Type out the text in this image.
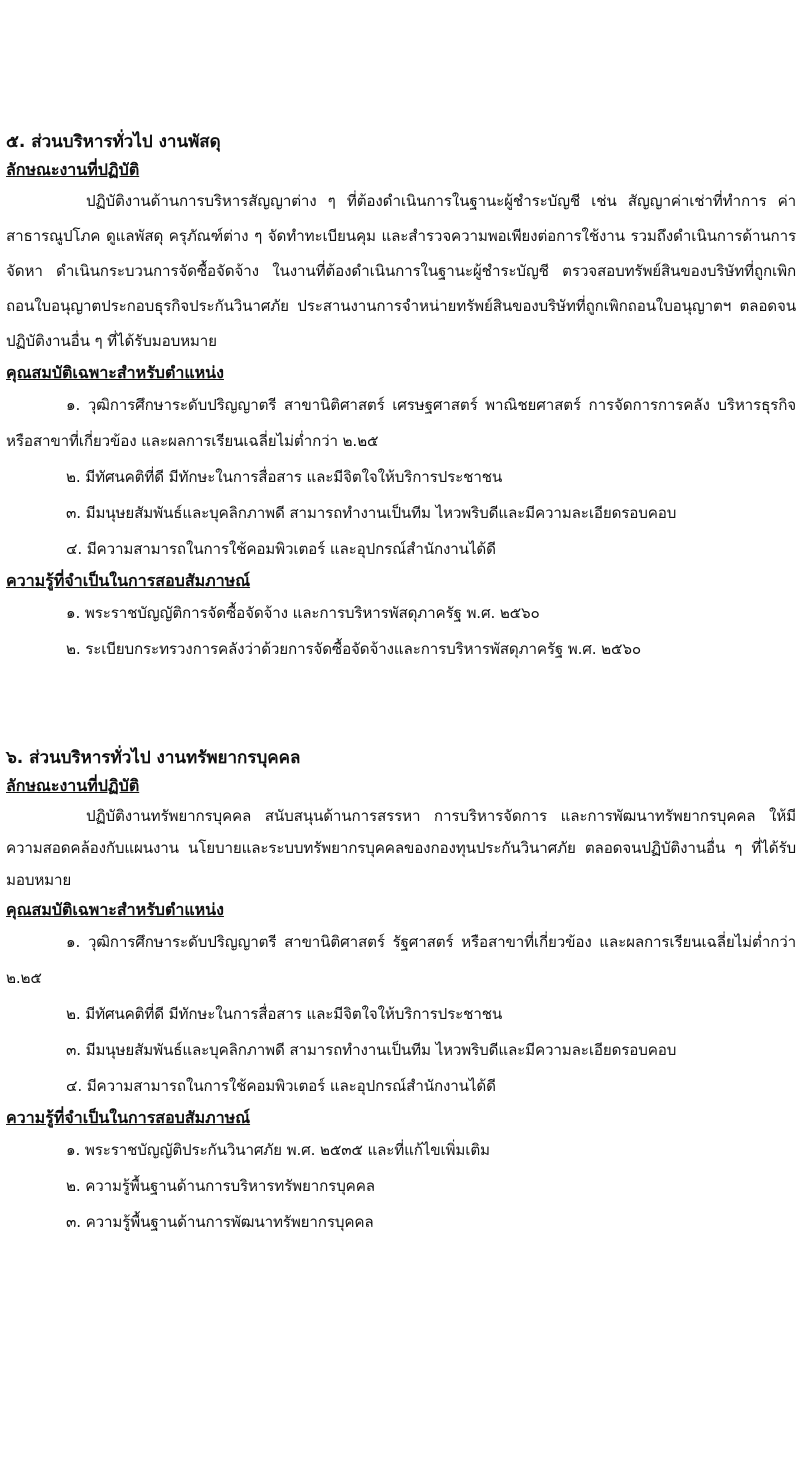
๕. ส่วนบริหารทั่วไป งานพัสดุ
ลักษณะงานที่ปฏิบัติ

ปฏิบัติงานด้านการบริหารสัญญาต่าง ๆ ที่ต้องดำเนินการในฐานะผู้ชำระบัญชี เช่น สัญญาค่าเช่าที่ทำการ ค่าสาธารณูปโภค ดูแลพัสดุ ครุภัณฑ์ต่าง ๆ จัดทำทะเบียนคุม และสำรวจความพอเพียงต่อการใช้งาน รวมถึงดำเนินการด้านการจัดหา ดำเนินกระบวนการจัดซื้อจัดจ้าง ในงานที่ต้องดำเนินการในฐานะผู้ชำระบัญชี ตรวจสอบทรัพย์สินของบริษัทที่ถูกเพิกถอนใบอนุญาตประกอบธุรกิจประกันวินาศภัย ประสานงานการจำหน่ายทรัพย์สินของบริษัทที่ถูกเพิกถอนใบอนุญาตฯ ตลอดจนปฏิบัติงานอื่น ๆ ที่ได้รับมอบหมาย

คุณสมบัติเฉพาะสำหรับตำแหน่ง

๑. วุฒิการศึกษาระดับปริญญาตรี สาขานิติศาสตร์ เศรษฐศาสตร์ พาณิชยศาสตร์ การจัดการการคลัง บริหารธุรกิจ หรือสาขาที่เกี่ยวข้อง และผลการเรียนเฉลี่ยไม่ต่ำกว่า ๒.๒๕

๒. มีทัศนคติที่ดี มีทักษะในการสื่อสาร และมีจิตใจให้บริการประชาชน

๓. มีมนุษยสัมพันธ์และบุคลิกภาพดี สามารถทำงานเป็นทีม ไหวพริบดีและมีความละเอียดรอบคอบ

๔. มีความสามารถในการใช้คอมพิวเตอร์ และอุปกรณ์สำนักงานได้ดี

ความรู้ที่จำเป็นในการสอบสัมภาษณ์

๑. พระราชบัญญัติการจัดซื้อจัดจ้าง และการบริหารพัสดุภาครัฐ พ.ศ. ๒๕๖๐

๒. ระเบียบกระทรวงการคลังว่าด้วยการจัดซื้อจัดจ้างและการบริหารพัสดุภาครัฐ พ.ศ. ๒๕๖๐

๖. ส่วนบริหารทั่วไป งานทรัพยากรบุคคล
ลักษณะงานที่ปฏิบัติ

ปฏิบัติงานทรัพยากรบุคคล สนับสนุนด้านการสรรหา การบริหารจัดการ และการพัฒนาทรัพยากรบุคคล ให้มีความสอดคล้องกับแผนงาน นโยบายและระบบทรัพยากรบุคคลของกองทุนประกันวินาศภัย ตลอดจนปฏิบัติงานอื่น ๆ ที่ได้รับมอบหมาย

คุณสมบัติเฉพาะสำหรับตำแหน่ง

๑. วุฒิการศึกษาระดับปริญญาตรี สาขานิติศาสตร์ รัฐศาสตร์ หรือสาขาที่เกี่ยวข้อง และผลการเรียนเฉลี่ยไม่ต่ำกว่า ๒.๒๕

๒. มีทัศนคติที่ดี มีทักษะในการสื่อสาร และมีจิตใจให้บริการประชาชน

๓. มีมนุษยสัมพันธ์และบุคลิกภาพดี สามารถทำงานเป็นทีม ไหวพริบดีและมีความละเอียดรอบคอบ

๔. มีความสามารถในการใช้คอมพิวเตอร์ และอุปกรณ์สำนักงานได้ดี

ความรู้ที่จำเป็นในการสอบสัมภาษณ์

๑. พระราชบัญญัติประกันวินาศภัย พ.ศ. ๒๕๓๕ และที่แก้ไขเพิ่มเติม

๒. ความรู้พื้นฐานด้านการบริหารทรัพยากรบุคคล

๓. ความรู้พื้นฐานด้านการพัฒนาทรัพยากรบุคคล
